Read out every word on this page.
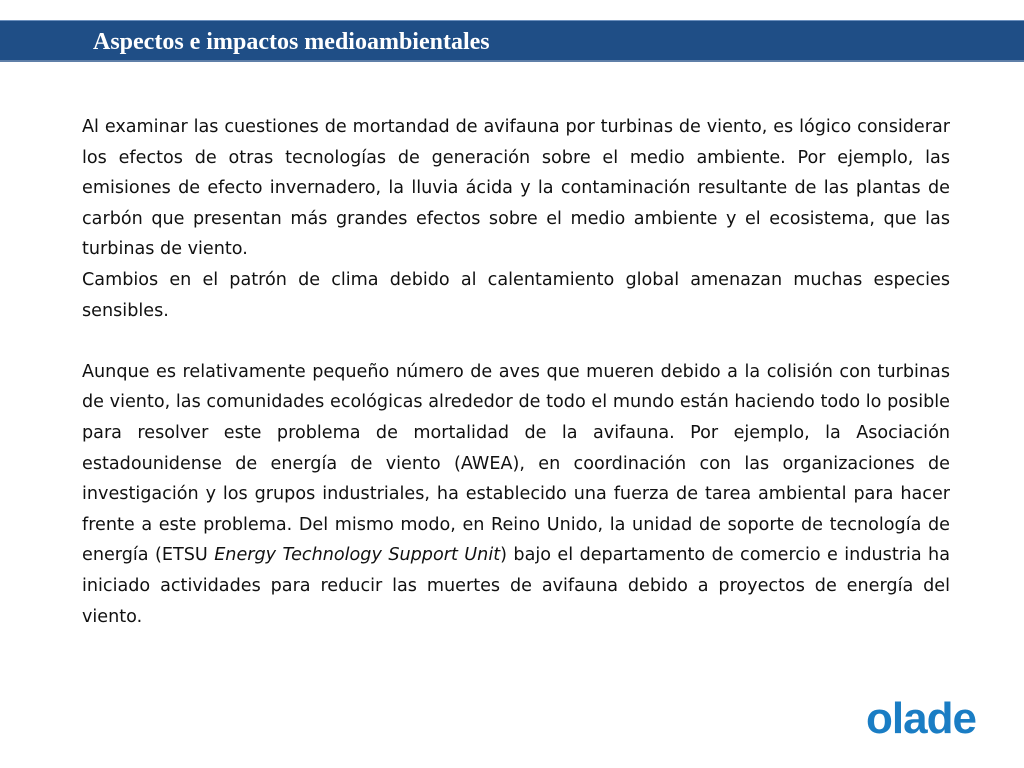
Aspectos e impactos medioambientales

Al examinar las cuestiones de mortandad de avifauna por turbinas de viento, es lógico considerar los efectos de otras tecnologías de generación sobre el medio ambiente. Por ejemplo, las emisiones de efecto invernadero, la lluvia ácida y la contaminación resultante de las plantas de carbón que presentan más grandes efectos sobre el medio ambiente y el ecosistema, que las turbinas de viento.

Cambios en el patrón de clima debido al calentamiento global amenazan muchas especies sensibles.

Aunque es relativamente pequeño número de aves que mueren debido a la colisión con turbinas de viento, las comunidades ecológicas alrededor de todo el mundo están haciendo todo lo posible para resolver este problema de mortalidad de la avifauna. Por ejemplo, la Asociación estadounidense de energía de viento (AWEA), en coordinación con las organizaciones de investigación y los grupos industriales, ha establecido una fuerza de tarea ambiental para hacer frente a este problema. Del mismo modo, en Reino Unido, la unidad de soporte de tecnología de energía (ETSU Energy Technology Support Unit) bajo el departamento de comercio e industria ha iniciado actividades para reducir las muertes de avifauna debido a proyectos de energía del viento.

olade
